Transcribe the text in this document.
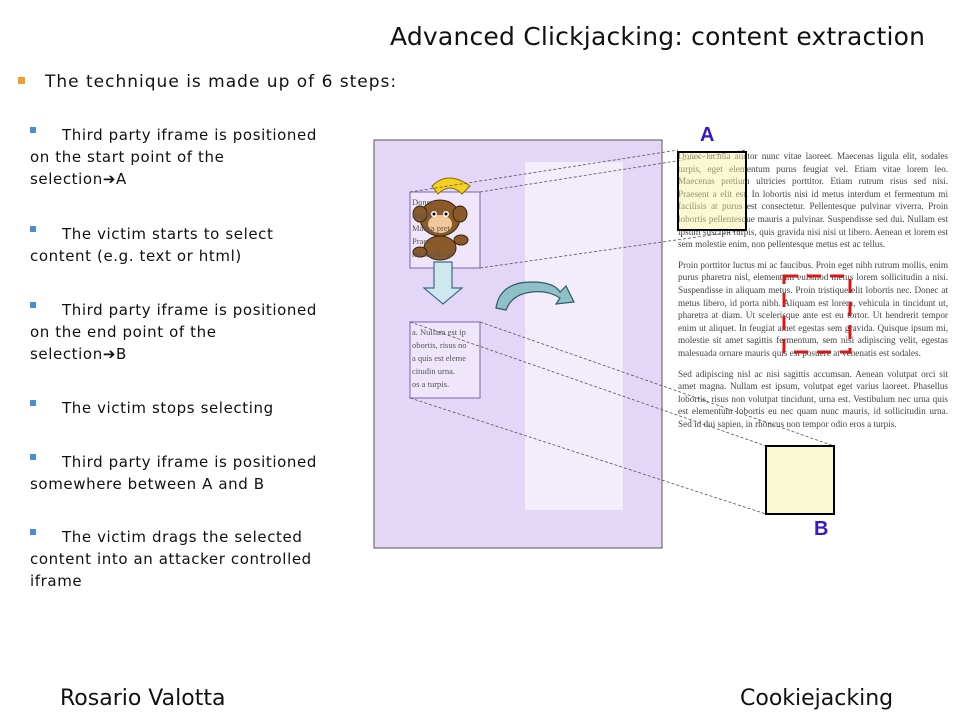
Advanced Clickjacking: content extraction
The technique is made up of 6 steps:
Third party iframe is positioned
on the start point of the
selection➔A
The victim starts to select
content (e.g. text or html)
Third party iframe is positioned
on the end point of the
selection➔B
The victim stops selecting
Third party iframe is positioned
somewhere between A and B
The victim drags the selected
content into an attacker controlled
iframe

Donec lacinia auctor nunc vitae laoreet. Maecenas ligula elit, sodales turpis, eget elementum purus feugiat vel. Etiam vitae lorem leo. Maecenas pretium ultricies porttitor. Etiam rutrum risus sed nisi. Praesent a elit est. In lobortis nisi id metus interdum et fermentum mi facilisis at purus est consectetur. Pellentesque pulvinar viverra. Proin lobortis pellentesque mauris a pulvinar. Suspendisse sed dui. Nullam est ipsum suscipit turpis, quis gravida nisi nisi ut libero. Aenean et lorem est sem molestie enim, non pellentesque metus est ac tellus.

Proin porttitor luctus mi ac faucibus. Proin eget nibh rutrum mollis, enim purus pharetra nisl, elementum euismod metus lorem sollicitudin a nisi. Suspendisse in aliquam metus. Proin tristique elit lobortis nec. Donec at metus libero, id porta nibh. Aliquam est lorem, vehicula in tincidunt ut, pharetra at diam. Ut scelerisque ante est eu tortor. Ut hendrerit tempor enim ut aliquet. In feugiat amet egestas sem gravida. Quisque ipsum mi, molestie sit amet sagittis fermentum, sem nisi adipiscing velit, egestas malesuada ornare mauris quis est posuere at venenatis est sodales.

Sed adipiscing nisl ac nisi sagittis accumsan. Aenean volutpat orci sit amet magna. Nullam est ipsum, volutpat eget varius laoreet. Phasellus lobortis, risus non volutpat tincidunt, urna est. Vestibulum nec urna quis est elementum lobortis eu nec quam nunc mauris, id sollicitudin urna. Sed id dui sapien, in rhoncus non tempor odio eros a turpis.

Donec
turpis
Maeca pret
Praes
mi facilis at
a. Nullam est ip
obortis, risus no
a quis est eleme
citudin urna.
os a turpis.
A
B
Rosario Valotta	Cookiejacking
